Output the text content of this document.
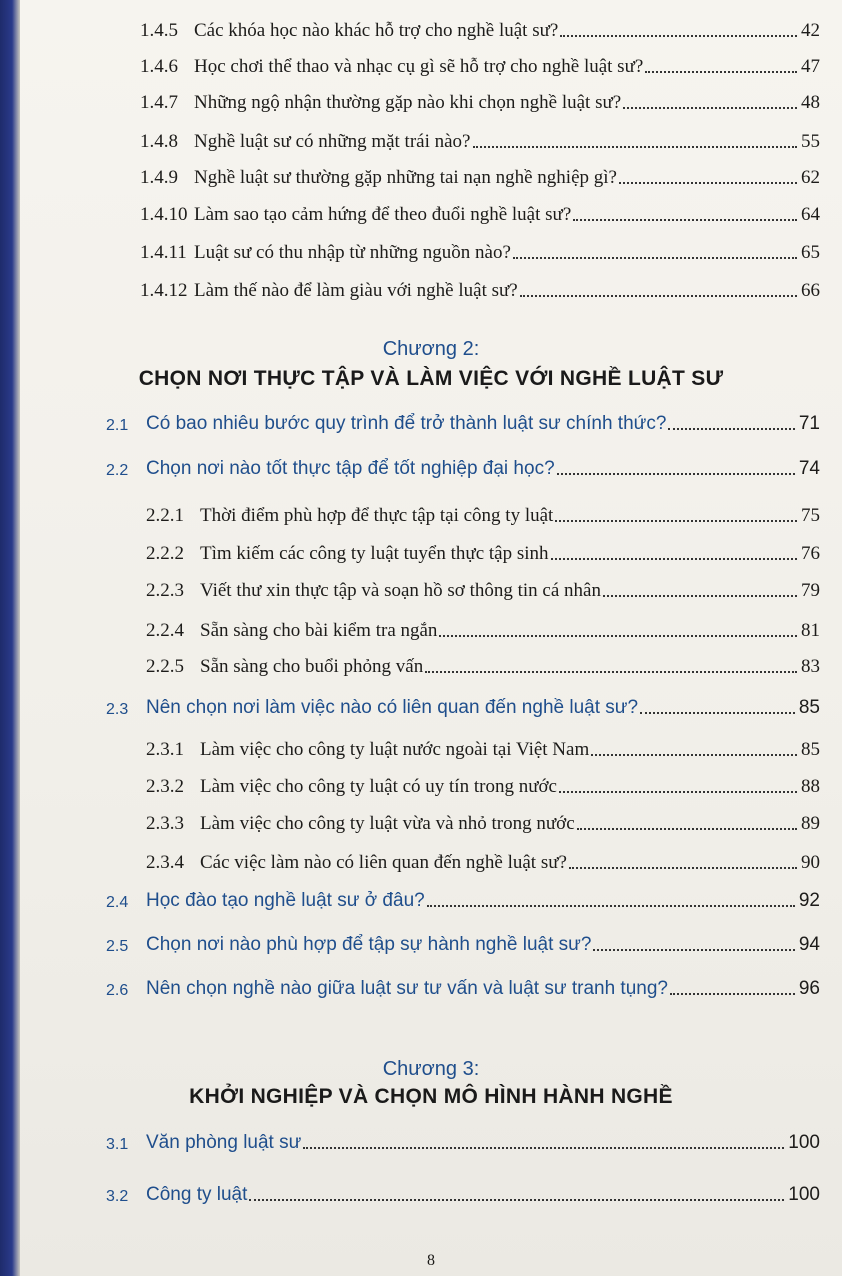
1.4.5 Các khóa học nào khác hỗ trợ cho nghề luật sư?	42
1.4.6 Học chơi thể thao và nhạc cụ gì sẽ hỗ trợ cho nghề luật sư?	47
1.4.7 Những ngộ nhận thường gặp nào khi chọn nghề luật sư?	48
1.4.8 Nghề luật sư có những mặt trái nào?	55
1.4.9 Nghề luật sư thường gặp những tai nạn nghề nghiệp gì?	62
1.4.10 Làm sao tạo cảm hứng để theo đuổi nghề luật sư?	64
1.4.11 Luật sư có thu nhập từ những nguồn nào?	65
1.4.12 Làm thế nào để làm giàu với nghề luật sư?	66
Chương 2:
CHỌN NƠI THỰC TẬP VÀ LÀM VIỆC VỚI NGHỀ LUẬT SƯ
2.1 Có bao nhiêu bước quy trình để trở thành luật sư chính thức?	71
2.2 Chọn nơi nào tốt thực tập để tốt nghiệp đại học?	74
2.2.1 Thời điểm phù hợp để thực tập tại công ty luật	75
2.2.2 Tìm kiếm các công ty luật tuyển thực tập sinh	76
2.2.3 Viết thư xin thực tập và soạn hồ sơ thông tin cá nhân	79
2.2.4 Sẵn sàng cho bài kiểm tra ngắn	81
2.2.5 Sẵn sàng cho buổi phỏng vấn	83
2.3 Nên chọn nơi làm việc nào có liên quan đến nghề luật sư?	85
2.3.1 Làm việc cho công ty luật nước ngoài tại Việt Nam	85
2.3.2 Làm việc cho công ty luật có uy tín trong nước	88
2.3.3 Làm việc cho công ty luật vừa và nhỏ trong nước	89
2.3.4 Các việc làm nào có liên quan đến nghề luật sư?	90
2.4 Học đào tạo nghề luật sư ở đâu?	92
2.5 Chọn nơi nào phù hợp để tập sự hành nghề luật sư?	94
2.6 Nên chọn nghề nào giữa luật sư tư vấn và luật sư tranh tụng?	96
Chương 3:
KHỞI NGHIỆP VÀ CHỌN MÔ HÌNH HÀNH NGHỀ
3.1 Văn phòng luật sư	100
3.2 Công ty luật	100
8
